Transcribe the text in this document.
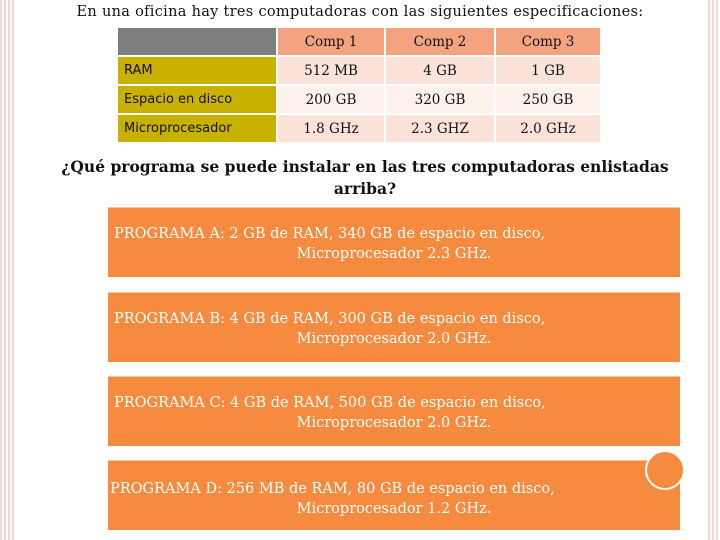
En una oficina hay tres computadoras con las siguientes especificaciones:
	Comp 1	Comp 2	Comp 3
RAM	512 MB	4 GB	1 GB
Espacio en disco	200 GB	320 GB	250 GB
Microprocesador	1.8 GHz	2.3 GHZ	2.0 GHz
¿Qué programa se puede instalar en las tres computadoras enlistadas
arriba?
PROGRAMA A: 2 GB de RAM, 340 GB de espacio en disco,
Microprocesador 2.3 GHz.
PROGRAMA B: 4 GB de RAM, 300 GB de espacio en disco,
Microprocesador 2.0 GHz.
PROGRAMA C: 4 GB de RAM, 500 GB de espacio en disco,
Microprocesador 2.0 GHz.
PROGRAMA D: 256 MB de RAM, 80 GB de espacio en disco,
Microprocesador 1.2 GHz.
